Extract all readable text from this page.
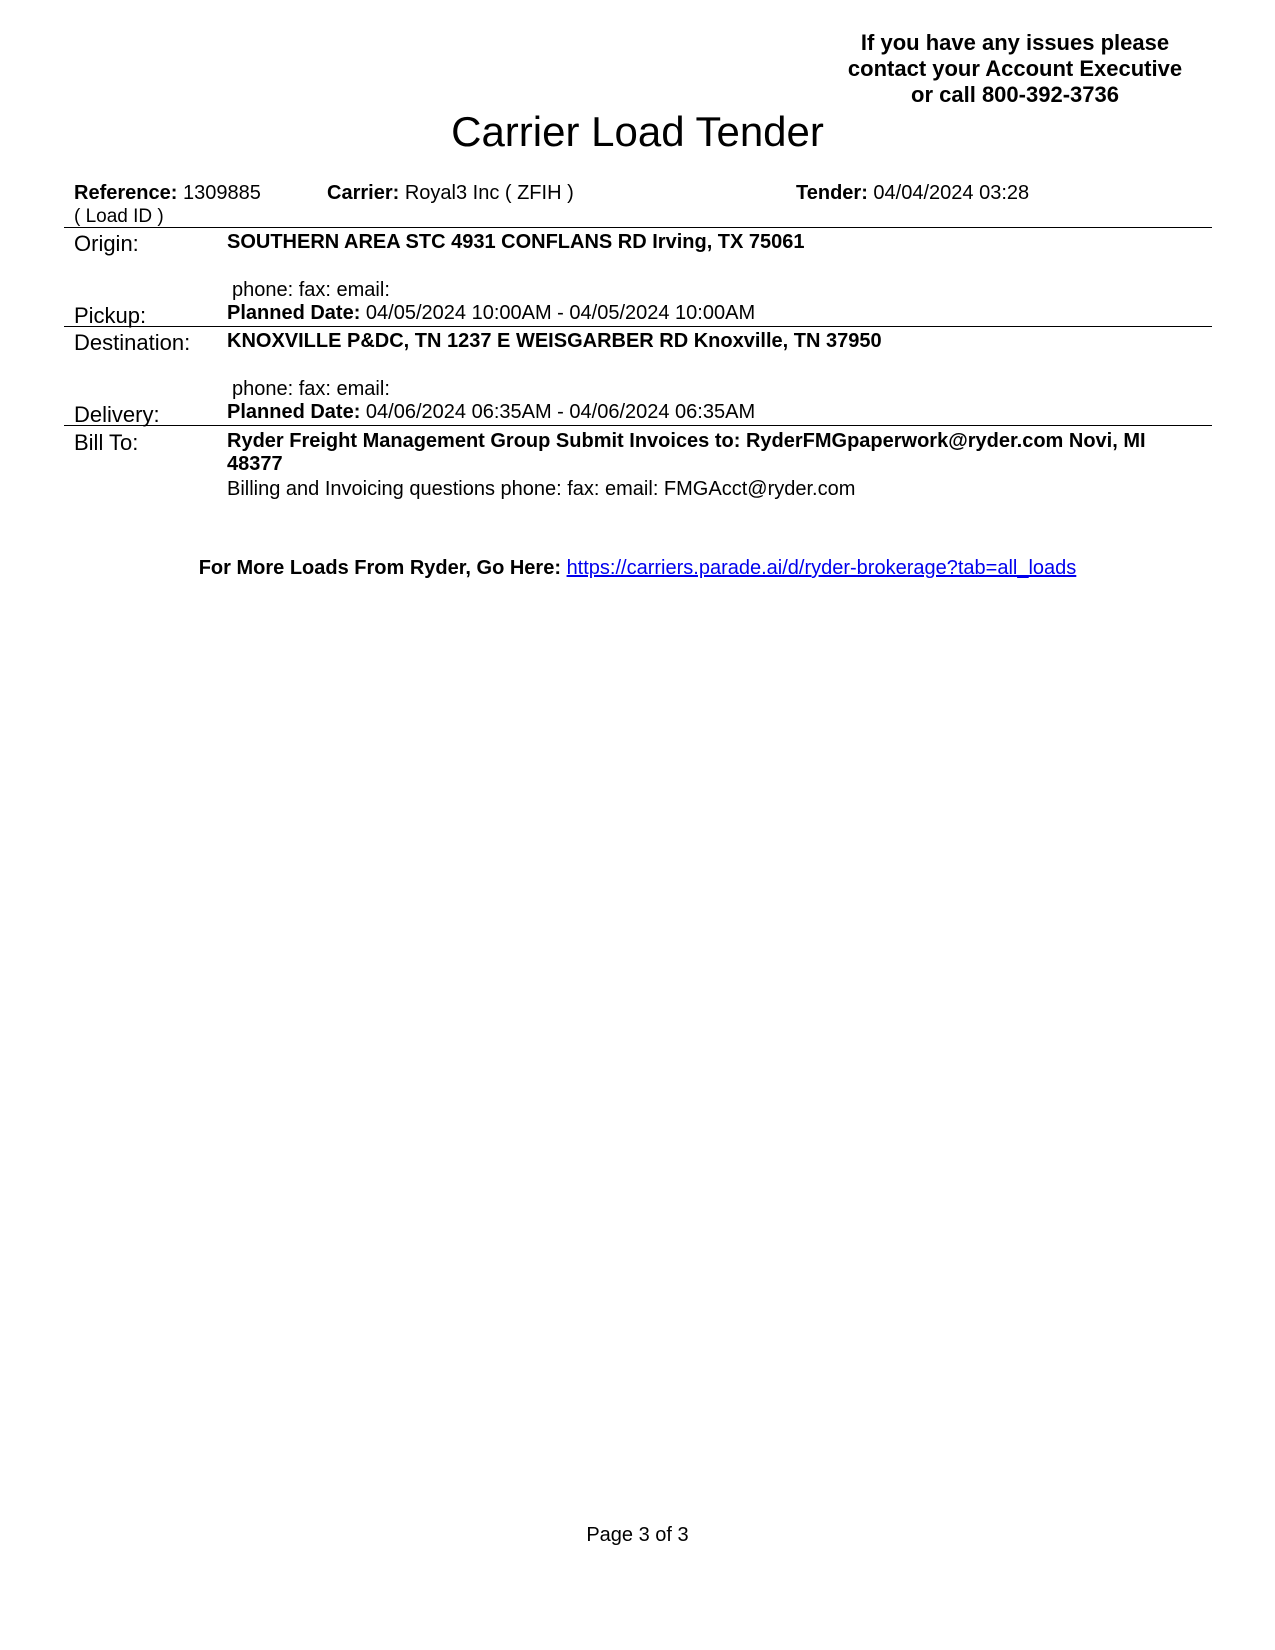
If you have any issues please
contact your Account Executive
or call 800-392-3736
Carrier Load Tender
Reference: 1309885
( Load ID )
Carrier: Royal3 Inc ( ZFIH )	Tender: 04/04/2024 03:28
Origin:	SOUTHERN AREA STC 4931 CONFLANS RD Irving, TX 75061
phone: fax: email:
Pickup:	Planned Date: 04/05/2024 10:00AM - 04/05/2024 10:00AM
Destination: KNOXVILLE P&DC, TN 1237 E WEISGARBER RD Knoxville, TN 37950
phone: fax: email:
Delivery:	Planned Date: 04/06/2024 06:35AM - 04/06/2024 06:35AM
Bill To:	Ryder Freight Management Group Submit Invoices to: RyderFMGpaperwork@ryder.com Novi, MI 48377
Billing and Invoicing questions phone: fax: email: FMGAcct@ryder.com
For More Loads From Ryder, Go Here: https://carriers.parade.ai/d/ryder-brokerage?tab=all_loads
Page 3 of 3
